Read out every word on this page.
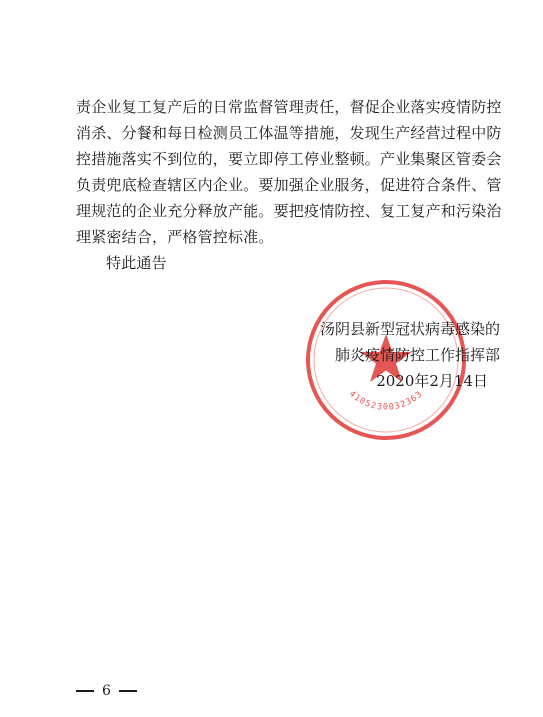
责企业复工复产后的日常监督管理责任，督促企业落实疫情防控
消杀、分餐和每日检测员工体温等措施，发现生产经营过程中防
控措施落实不到位的，要立即停工停业整顿。产业集聚区管委会
负责兜底检查辖区内企业。要加强企业服务，促进符合条件、管
理规范的企业充分释放产能。要把疫情防控、复工复产和污染治
理紧密结合，严格管控标准。
特此通告
4105230032363
汤阴县新型冠状病毒感染的
肺炎疫情防控工作指挥部
2020年2月14日
6
